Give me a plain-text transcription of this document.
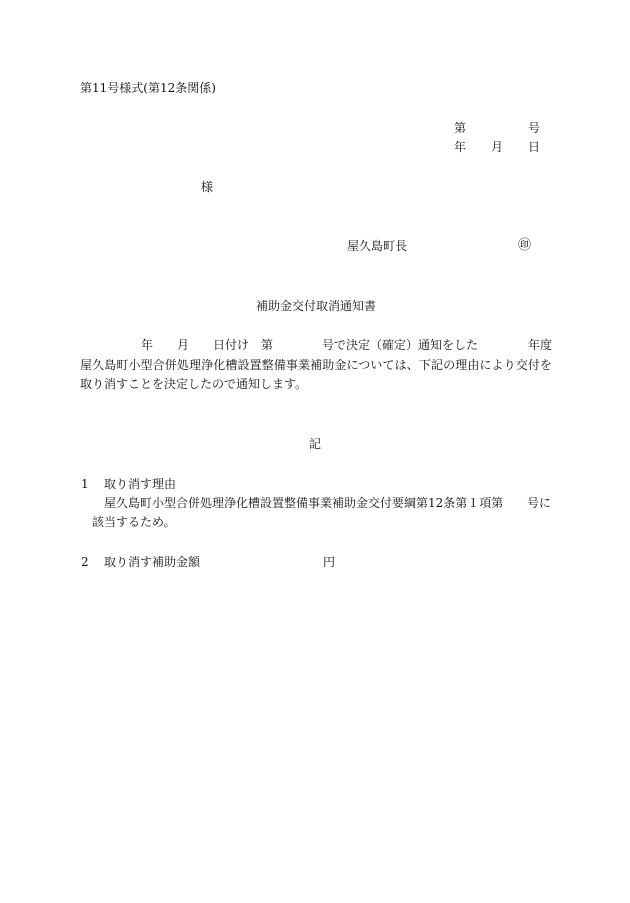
第11号様式(第12条関係)
第	号
年 月 日
様
屋久島町長	㊞
補助金交付取消通知書
年 月 日付け 第	号で決定（確定）通知をした	年度
屋久島町小型合併処理浄化槽設置整備事業補助金については、下記の理由により交付を
取り消すことを決定したので通知します。
記
1 取り消す理由
屋久島町小型合併処理浄化槽設置整備事業補助金交付要綱第12条第１項第 号に
該当するため。
2 取り消す補助金額	円
